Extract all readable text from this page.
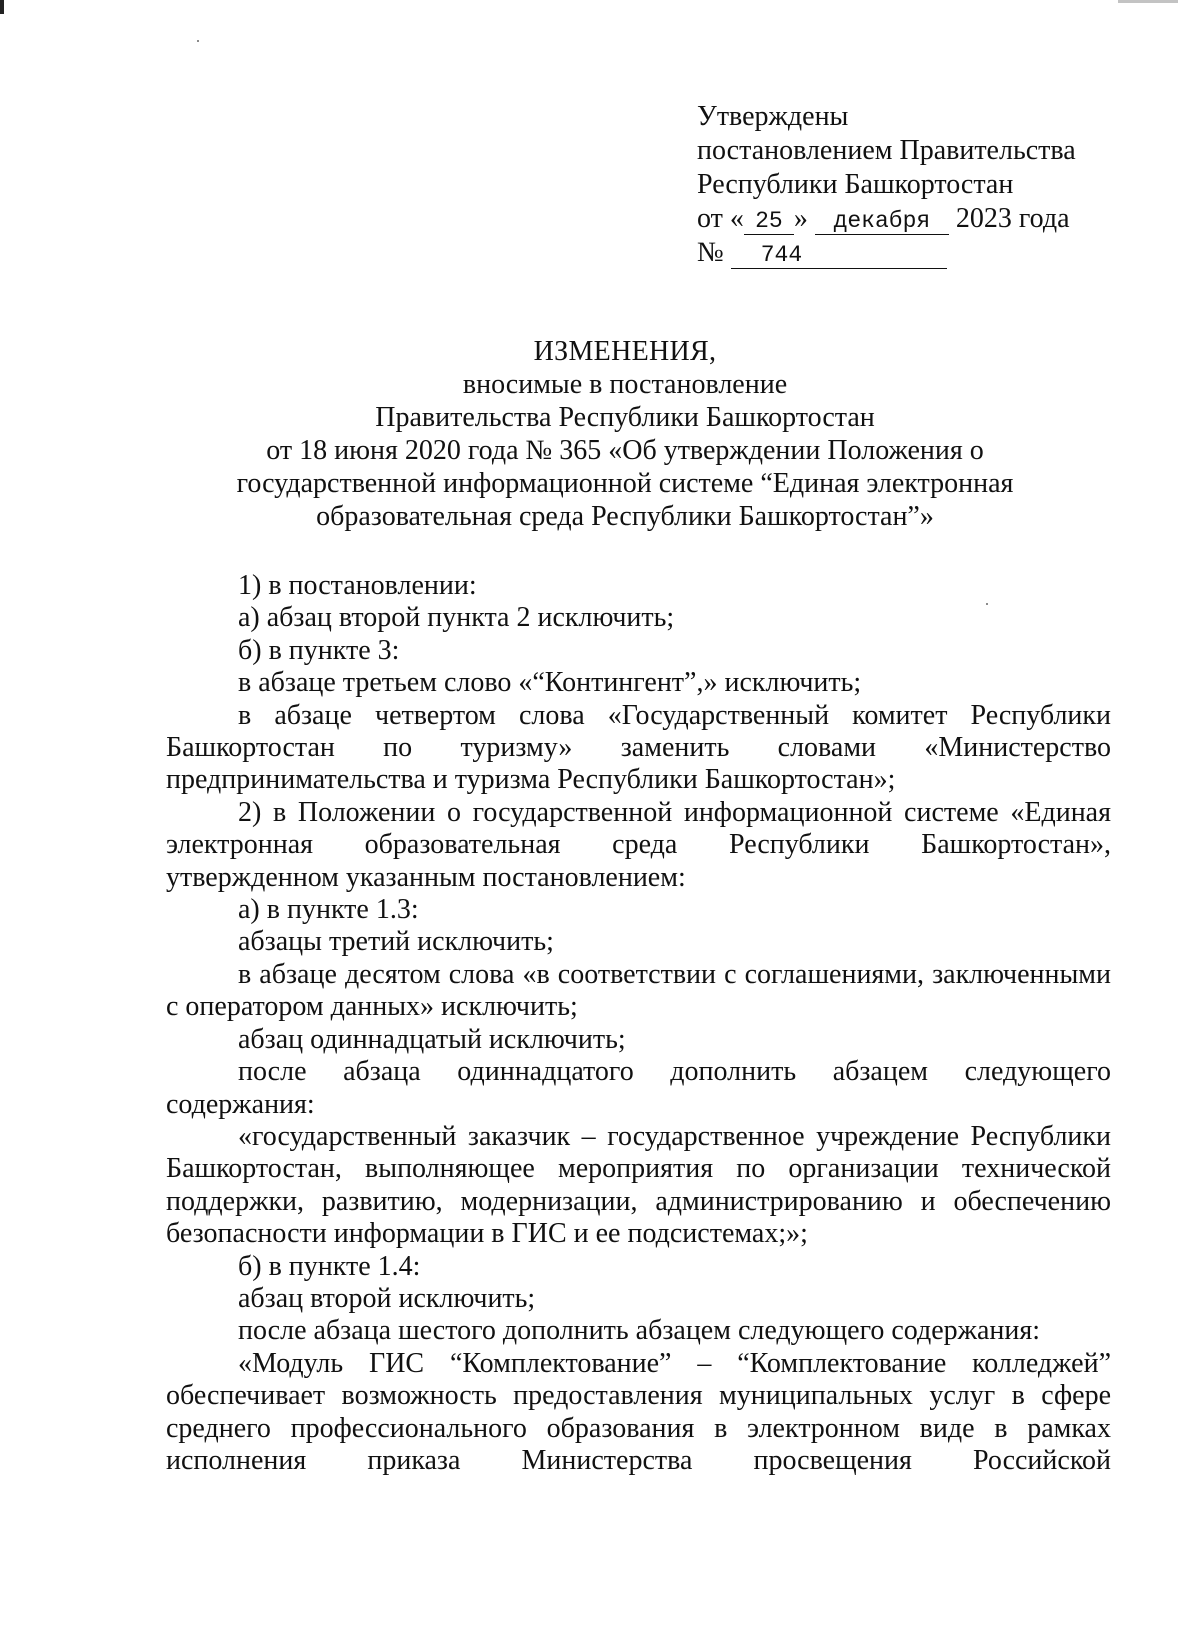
Утверждены
постановлением Правительства
Республики Башкортостан
от « 25 » декабря 2023 года
№ 744
ИЗМЕНЕНИЯ,
вносимые в постановление
Правительства Республики Башкортостан
от 18 июня 2020 года № 365 «Об утверждении Положения о
государственной информационной системе “Единая электронная
образовательная среда Республики Башкортостан”»

1) в постановлении:

а) абзац второй пункта 2 исключить;

б) в пункте 3:

в абзаце третьем слово «“Контингент”,» исключить;

в абзаце четвертом слова «Государственный комитет Республики Башкортостан по туризму» заменить словами «Министерство предпринимательства и туризма Республики Башкортостан»;

2) в Положении о государственной информационной системе «Единая электронная образовательная среда Республики Башкортостан», утвержденном указанным постановлением:

а) в пункте 1.3:

абзацы третий исключить;

в абзаце десятом слова «в соответствии с соглашениями, заключенными с оператором данных» исключить;

абзац одиннадцатый исключить;

после абзаца одиннадцатого дополнить абзацем следующего содержания:

«государственный заказчик – государственное учреждение Республики Башкортостан, выполняющее мероприятия по организации технической поддержки, развитию, модернизации, администрированию и обеспечению безопасности информации в ГИС и ее подсистемах;»;

б) в пункте 1.4:

абзац второй исключить;

после абзаца шестого дополнить абзацем следующего содержания:

«Модуль ГИС “Комплектование” – “Комплектование колледжей” обеспечивает возможность предоставления муниципальных услуг в сфере среднего профессионального образования в электронном виде в рамках исполнения приказа Министерства просвещения Российской
